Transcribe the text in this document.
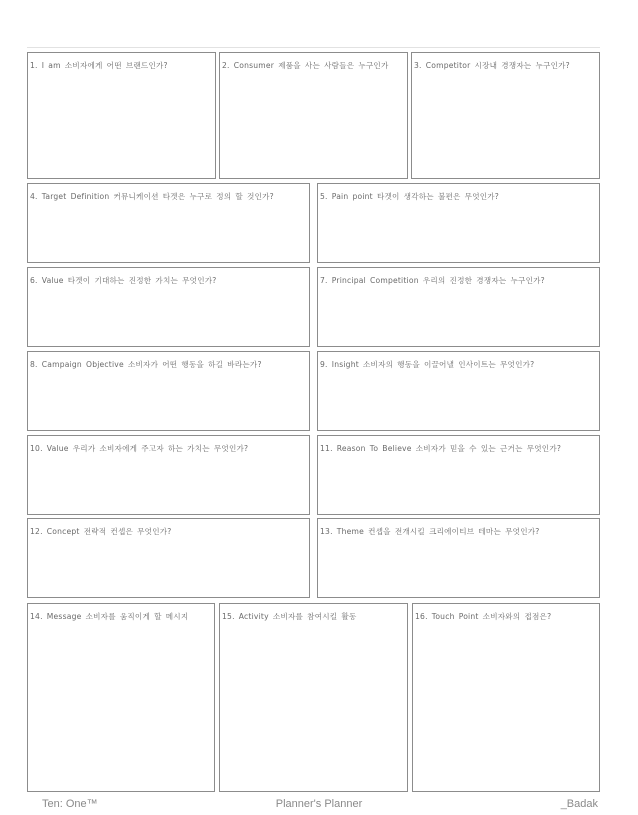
1. I am 소비자에게 어떤 브랜드인가?	2. Consumer 제품을 사는 사람들은 누구인가	3. Competitor 시장내 경쟁자는 누구인가?
4. Target Definition 커뮤니케이션 타겟은 누구로 정의 할 것인가?	5. Pain point 타겟이 생각하는 불편은 무엇인가?
6. Value 타겟이 기대하는 진정한 가치는 무엇인가?	7. Principal Competition 우리의 진정한 경쟁자는 누구인가?
8. Campaign Objective 소비자가 어떤 행동을 하길 바라는가?	9. Insight 소비자의 행동을 이끌어낼 인사이트는 무엇인가?
10. Value 우리가 소비자에게 주고자 하는 가치는 무엇인가?	11. Reason To Believe 소비자가 믿을 수 있는 근거는 무엇인가?
12. Concept 전략적 컨셉은 무엇인가?	13. Theme 컨셉을 전개시킬 크리에이티브 테마는 무엇인가?
14. Message 소비자를 움직이게 할 메시지	15. Activity 소비자를 참여시킬 활동	16. Touch Point 소비자와의 접점은?
Ten: One™	Planner's Planner	_Badak
